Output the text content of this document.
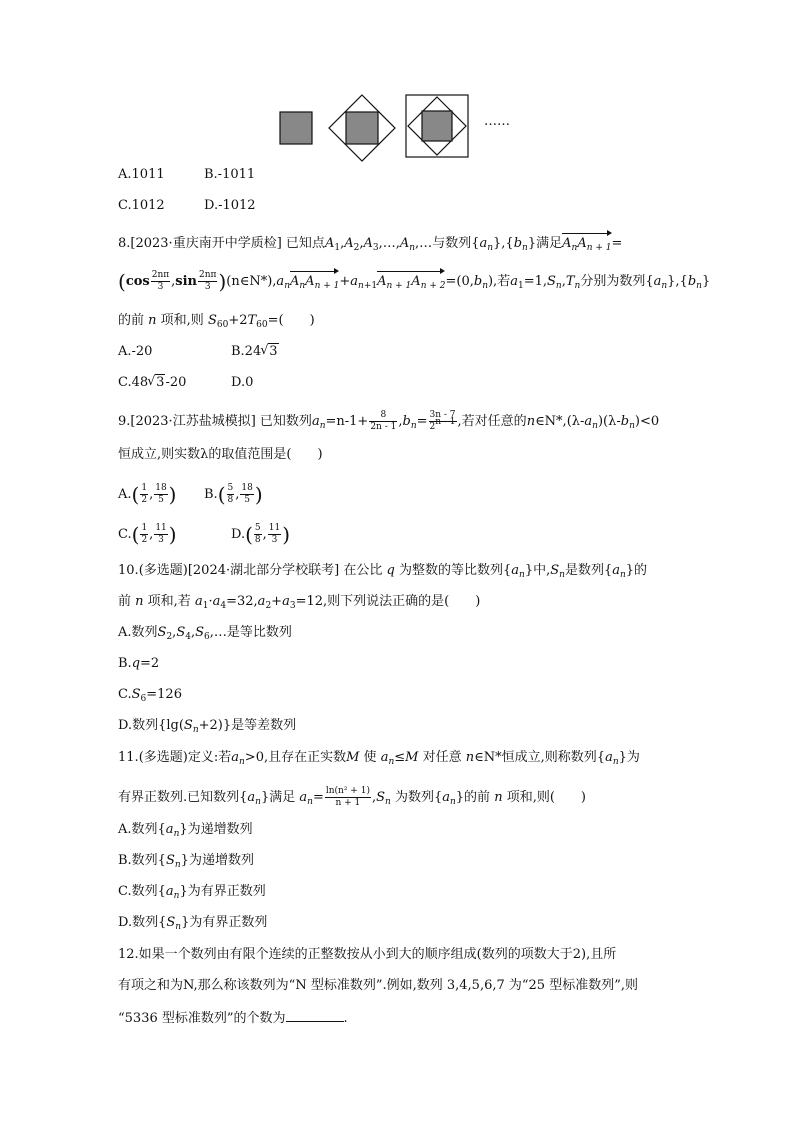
……
A.1011	B.-1011
C.1012	D.-1012
8.[2023·重庆南开中学质检] 已知点$A_1,A_2,A_3,\dots,A_n,\dots$与数列$\{a_n\},\{b_n\}$满足$A_nA_{n + 1}=$
($\cos \frac{2n\pi}{3} ,\sin \frac{2n\pi}{3}$ )$(n\in N*),a_nA_nA_{n + 1}+a_{n+1}A_{n + 1}A_{n + 2}=(0,b_n)$,若$a_1=1,S_n,T_n$分别为数列$\{a_n\},\{b_n\}$
的前 n 项和,则 $S_{60}+2T_{60}=$(　　)
A.-20	B.24 √ 3
C.48 √ 3-20	D.0
9.[2023·江苏盐城模拟] 已知数列$a_n=n-1+ \frac{8}{2n - 1} ,b_n= \frac{3n - 7}{2^{n - 1}}$ ,若对任意的$n\in N*,(\lambda-a_n)(\lambda-b_n)<0$
恒成立,则实数λ的取值范围是(　　)
$A.( \frac{1}{2}$ , $\frac{18}{5}$ ) $B.( \frac{5}{8}$ , $\frac{18}{5}$ )
$C.( \frac{1}{2}$ , $\frac{11}{3}$ )	$D.( \frac{5}{8}$ , $\frac{11}{3}$ )
10.(多选题)[2024·湖北部分学校联考] 在公比 q 为整数的等比数列$\{a_n\}$中$,S_n$是数列$\{a_n\}$的
前 n 项和,若 $a_1\cdot a_4=32,a_2+a_3=12$,则下列说法正确的是(　　)
A.数列$S_2,S_4,S_6,\dots$是等比数列
B.q=2
$C.S_6=126$
D.数列$\{\lg(S_n+2)\}$是等差数列
11.(多选题)定义:若$a_n>0$,且存在正实数M 使 $a_n\le M$ 对任意 n∈N*恒成立,则称数列$\{a_n\}$为
有界正数列.已知数列$\{a_n\}$满足 $a_n= \frac{\text{ln(n² + 1)}}{n + 1} ,S_n$ 为数列$\{a_n\}$的前 n 项和,则(　　)
A.数列$\{a_n\}$为递增数列
B.数列$\{S_n\}$为递增数列
C.数列$\{a_n\}$为有界正数列
D.数列$\{S_n\}$为有界正数列
12.如果一个数列由有限个连续的正整数按从小到大的顺序组成(数列的项数大于2),且所
有项之和为N,那么称该数列为“N 型标准数列”.例如,数列 3,4,5,6,7 为“25 型标准数列”,则
“5336 型标准数列”的个数为	.
